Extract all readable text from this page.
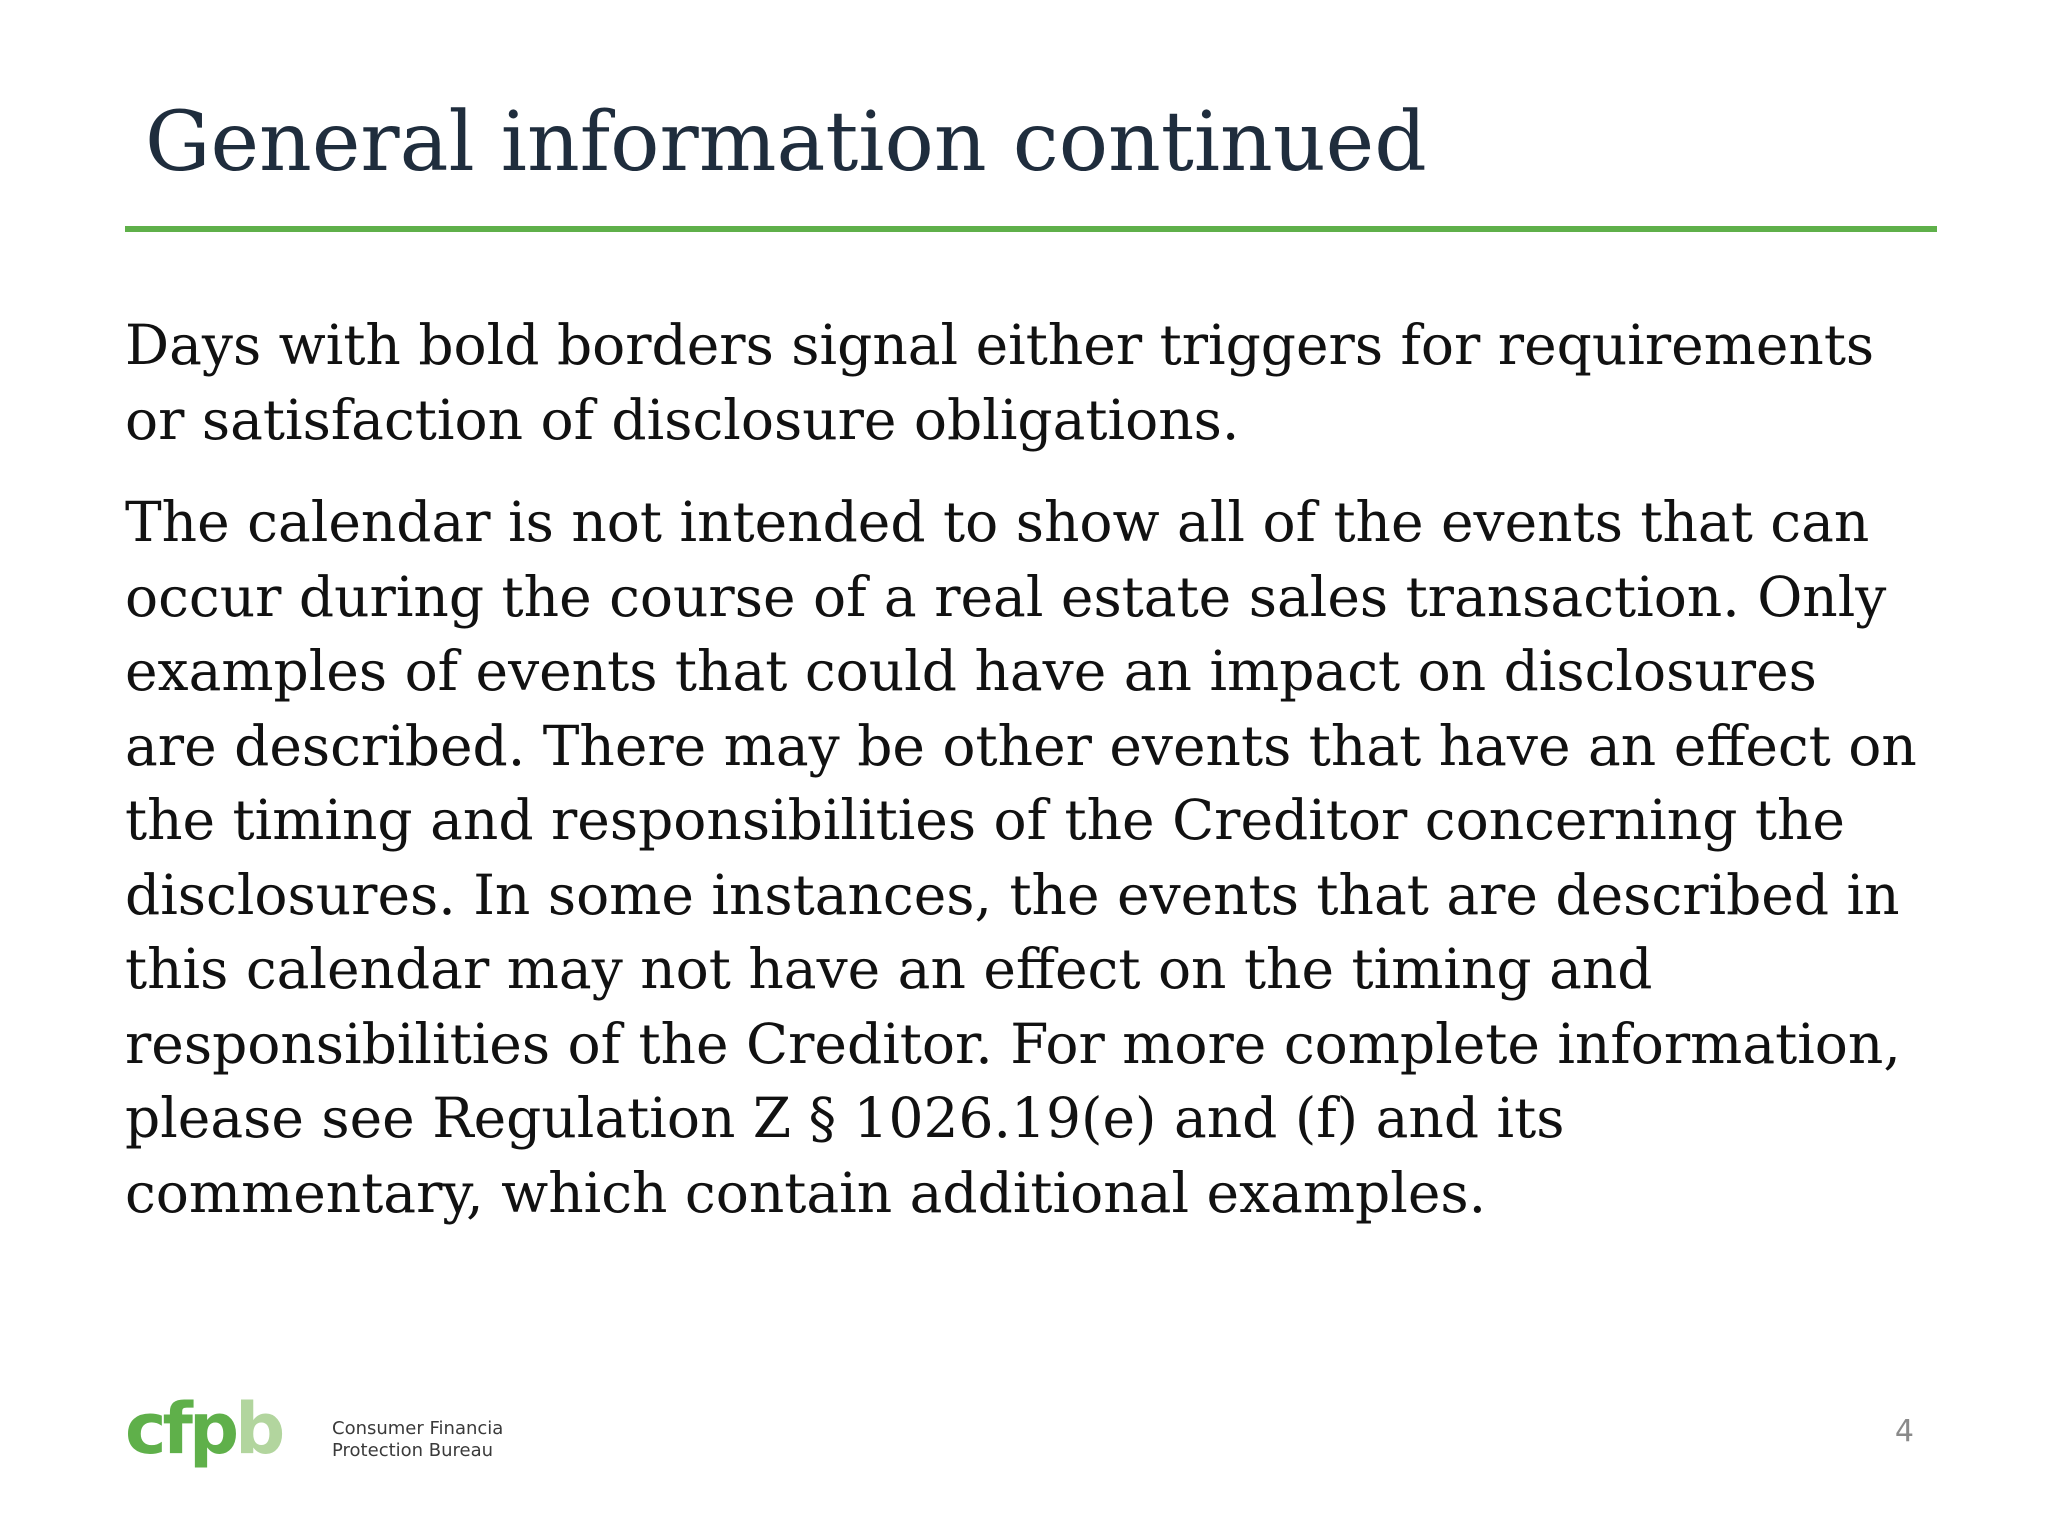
General information continued

Days with bold borders signal either triggers for requirements or satisfaction of disclosure obligations.

The calendar is not intended to show all of the events that can occur during the course of a real estate sales transaction. Only examples of events that could have an impact on disclosures are described. There may be other events that have an effect on the timing and responsibilities of the Creditor concerning the disclosures. In some instances, the events that are described in this calendar may not have an effect on the timing and responsibilities of the Creditor. For more complete information, please see Regulation Z § 1026.19(e) and (f) and its commentary, which contain additional examples.

cfpb	Consumer Financia
Protection Bureau
4
